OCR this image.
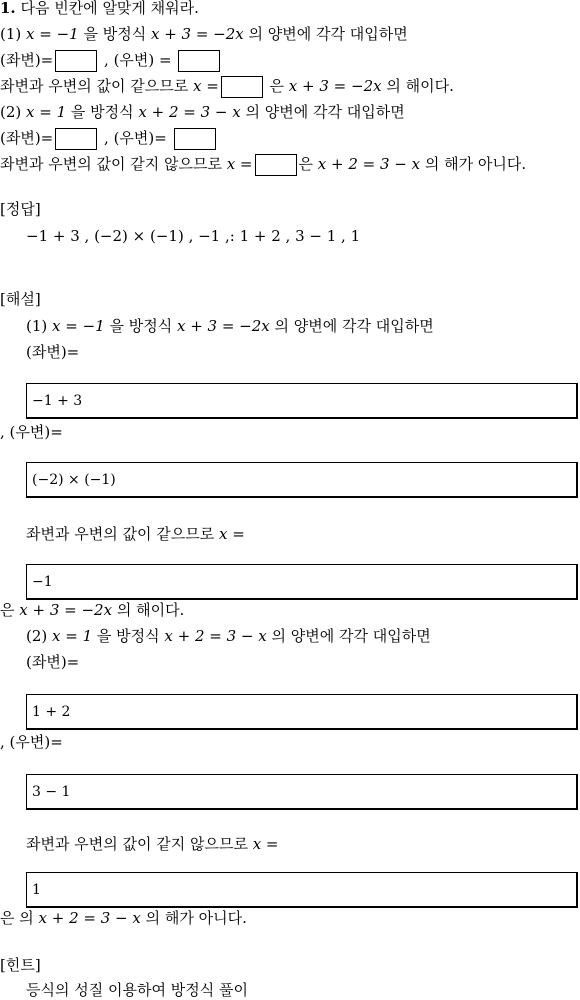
1. 다음 빈칸에 알맞게 채워라.
(1) x = −1 을 방정식 x + 3 = −2x 의 양변에 각각 대입하면
(좌변)=	, (우변) =
좌변과 우변의 값이 같으므로 x =	은 x + 3 = −2x 의 해이다.
(2) x = 1 을 방정식 x + 2 = 3 − x 의 양변에 각각 대입하면
(좌변)=	, (우변)=
좌변과 우변의 값이 같지 않으므로 x =	은 x + 2 = 3 − x 의 해가 아니다.
[정답]
−1 + 3 , (−2) × (−1) , −1 ,: 1 + 2 , 3 − 1 , 1
[해설]
(1) x = −1 을 방정식 x + 3 = −2x 의 양변에 각각 대입하면
(좌변)=
−1 + 3
, (우변)=
(−2) × (−1)
좌변과 우변의 값이 같으므로 x =
−1
은 x + 3 = −2x 의 해이다.
(2) x = 1 을 방정식 x + 2 = 3 − x 의 양변에 각각 대입하면
(좌변)=
1 + 2
, (우변)=
3 − 1
좌변과 우변의 값이 같지 않으므로 x =
1
은 의 x + 2 = 3 − x 의 해가 아니다.
[힌트]
등식의 성질 이용하여 방정식 풀이
